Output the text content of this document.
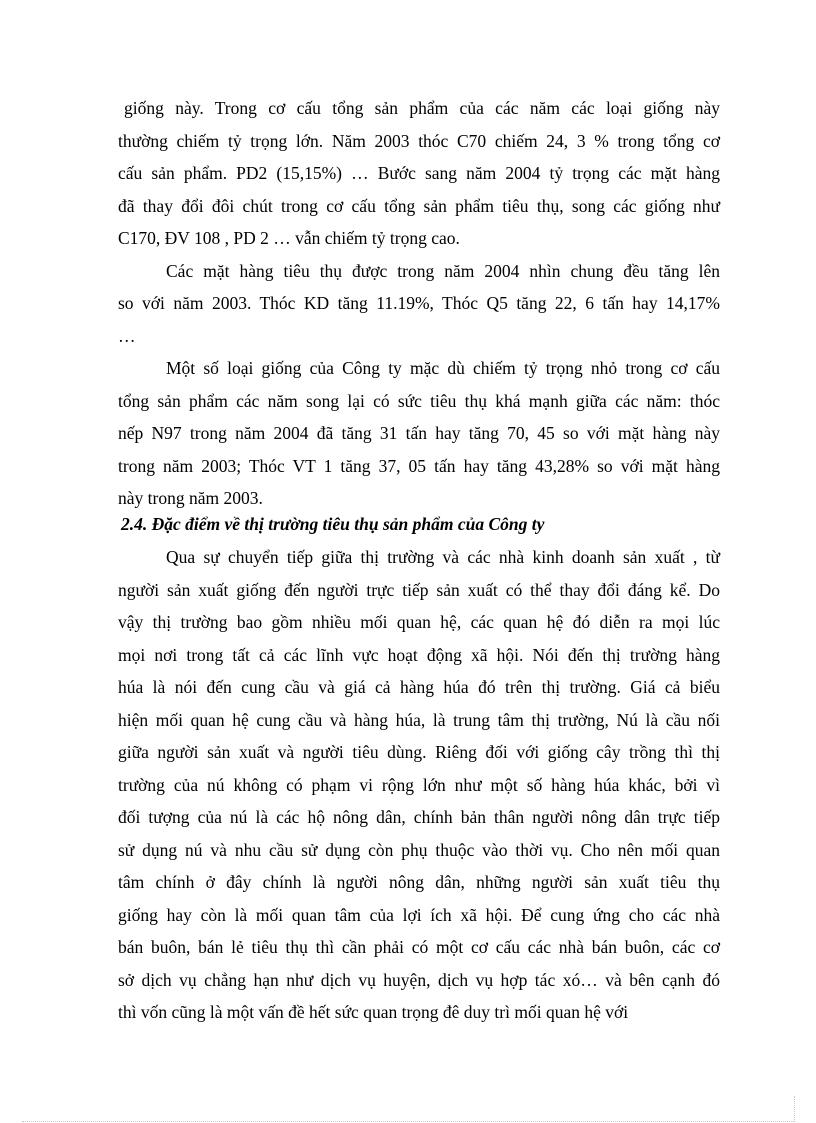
giống này. Trong cơ cấu tổng sản phẩm của các năm các loại giống này
thường chiếm tỷ trọng lớn. Năm 2003 thóc C70 chiếm 24, 3 % trong tổng cơ
cấu sản phẩm. PD2 (15,15%) … Bước sang năm 2004 tỷ trọng các mặt hàng
đã thay đổi đôi chút trong cơ cấu tổng sản phẩm tiêu thụ, song các giống như
C170, ĐV 108 , PD 2 … vẫn chiếm tỷ trọng cao.
Các mặt hàng tiêu thụ được trong năm 2004 nhìn chung đều tăng lên
so với năm 2003. Thóc KD tăng 11.19%, Thóc Q5 tăng 22, 6 tấn hay 14,17%
…
Một số loại giống của Công ty mặc dù chiếm tỷ trọng nhỏ trong cơ cấu
tổng sản phẩm các năm song lại có sức tiêu thụ khá mạnh giữa các năm: thóc
nếp N97 trong năm 2004 đã tăng 31 tấn hay tăng 70, 45 so với mặt hàng này
trong năm 2003; Thóc VT 1 tăng 37, 05 tấn hay tăng 43,28% so với mặt hàng
này trong năm 2003.
2.4. Đặc điểm về thị trường tiêu thụ sản phẩm của Công ty
Qua sự chuyển tiếp giữa thị trường và các nhà kinh doanh sản xuất , từ
người sản xuất giống đến người trực tiếp sản xuất có thể thay đổi đáng kể. Do
vậy thị trường bao gồm nhiều mối quan hệ, các quan hệ đó diễn ra mọi lúc
mọi nơi trong tất cả các lĩnh vực hoạt động xã hội. Nói đến thị trường hàng
húa là nói đến cung cầu và giá cả hàng húa đó trên thị trường. Giá cả biểu
hiện mối quan hệ cung cầu và hàng húa, là trung tâm thị trường, Nú là cầu nối
giữa người sản xuất và người tiêu dùng. Riêng đối với giống cây trồng thì thị
trường của nú không có phạm vi rộng lớn như một số hàng húa khác, bởi vì
đối tượng của nú là các hộ nông dân, chính bản thân người nông dân trực tiếp
sử dụng nú và nhu cầu sử dụng còn phụ thuộc vào thời vụ. Cho nên mối quan
tâm chính ở đây chính là người nông dân, những người sản xuất tiêu thụ
giống hay còn là mối quan tâm của lợi ích xã hội. Để cung ứng cho các nhà
bán buôn, bán lẻ tiêu thụ thì cần phải có một cơ cấu các nhà bán buôn, các cơ
sở dịch vụ chẳng hạn như dịch vụ huyện, dịch vụ hợp tác xó… và bên cạnh đó
thì vốn cũng là một vấn đề hết sức quan trọng đê duy trì mối quan hệ với
